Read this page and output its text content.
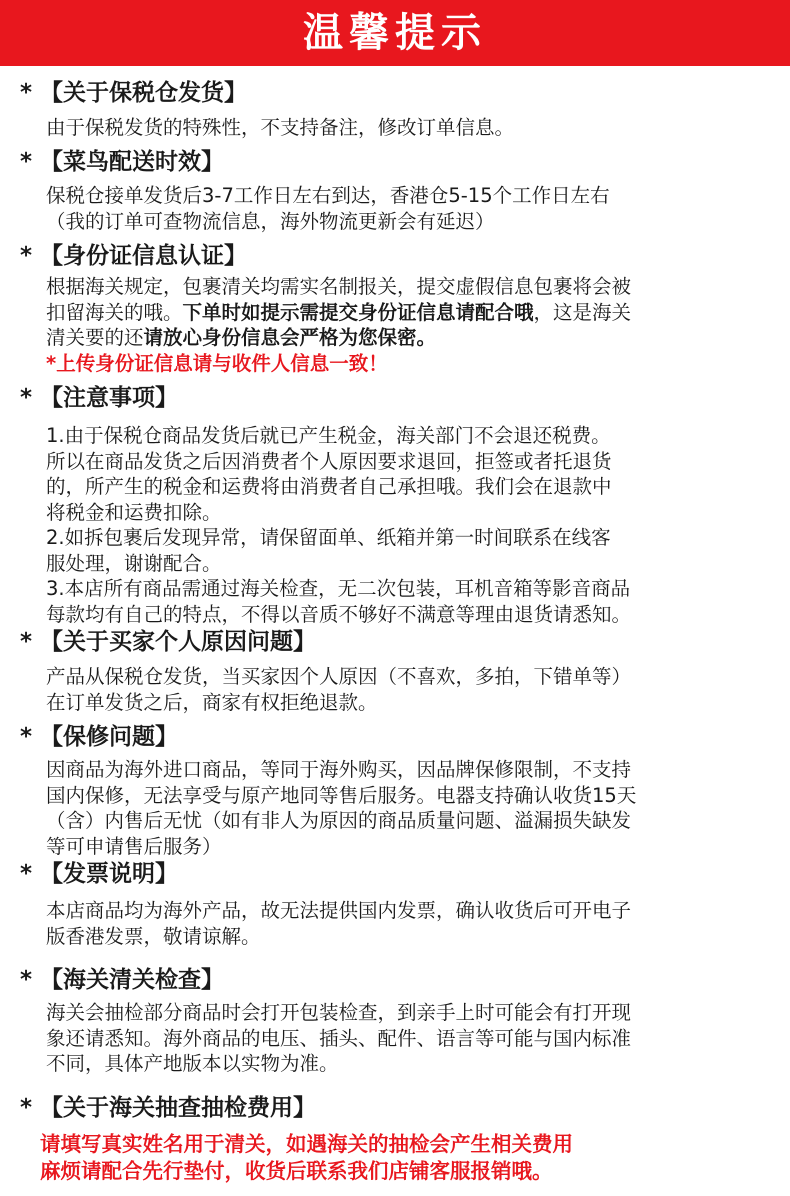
温馨提示
* 【关于保税仓发货】
由于保税发货的特殊性，不支持备注，修改订单信息。
* 【菜鸟配送时效】
保税仓接单发货后3-7工作日左右到达，香港仓5-15个工作日左右
（我的订单可查物流信息，海外物流更新会有延迟）
* 【身份证信息认证】
根据海关规定，包裹清关均需实名制报关，提交虚假信息包裹将会被
扣留海关的哦。下单时如提示需提交身份证信息请配合哦，这是海关
清关要的还请放心身份信息会严格为您保密。
*上传身份证信息请与收件人信息一致！
* 【注意事项】
1.由于保税仓商品发货后就已产生税金，海关部门不会退还税费。
所以在商品发货之后因消费者个人原因要求退回，拒签或者托退货
的，所产生的税金和运费将由消费者自己承担哦。我们会在退款中
将税金和运费扣除。
2.如拆包裹后发现异常，请保留面单、纸箱并第一时间联系在线客
服处理，谢谢配合。
3.本店所有商品需通过海关检查，无二次包装，耳机音箱等影音商品
每款均有自己的特点，不得以音质不够好不满意等理由退货请悉知。
* 【关于买家个人原因问题】
产品从保税仓发货，当买家因个人原因（不喜欢，多拍，下错单等）
在订单发货之后，商家有权拒绝退款。
* 【保修问题】
因商品为海外进口商品，等同于海外购买，因品牌保修限制，不支持
国内保修，无法享受与原产地同等售后服务。电器支持确认收货15天
（含）内售后无忧（如有非人为原因的商品质量问题、溢漏损失缺发
等可申请售后服务）
* 【发票说明】
本店商品均为海外产品，故无法提供国内发票，确认收货后可开电子
版香港发票，敬请谅解。
* 【海关清关检查】
海关会抽检部分商品时会打开包装检查，到亲手上时可能会有打开现
象还请悉知。海外商品的电压、插头、配件、语言等可能与国内标准
不同，具体产地版本以实物为准。
* 【关于海关抽查抽检费用】
请填写真实姓名用于清关，如遇海关的抽检会产生相关费用
麻烦请配合先行垫付，收货后联系我们店铺客服报销哦。
